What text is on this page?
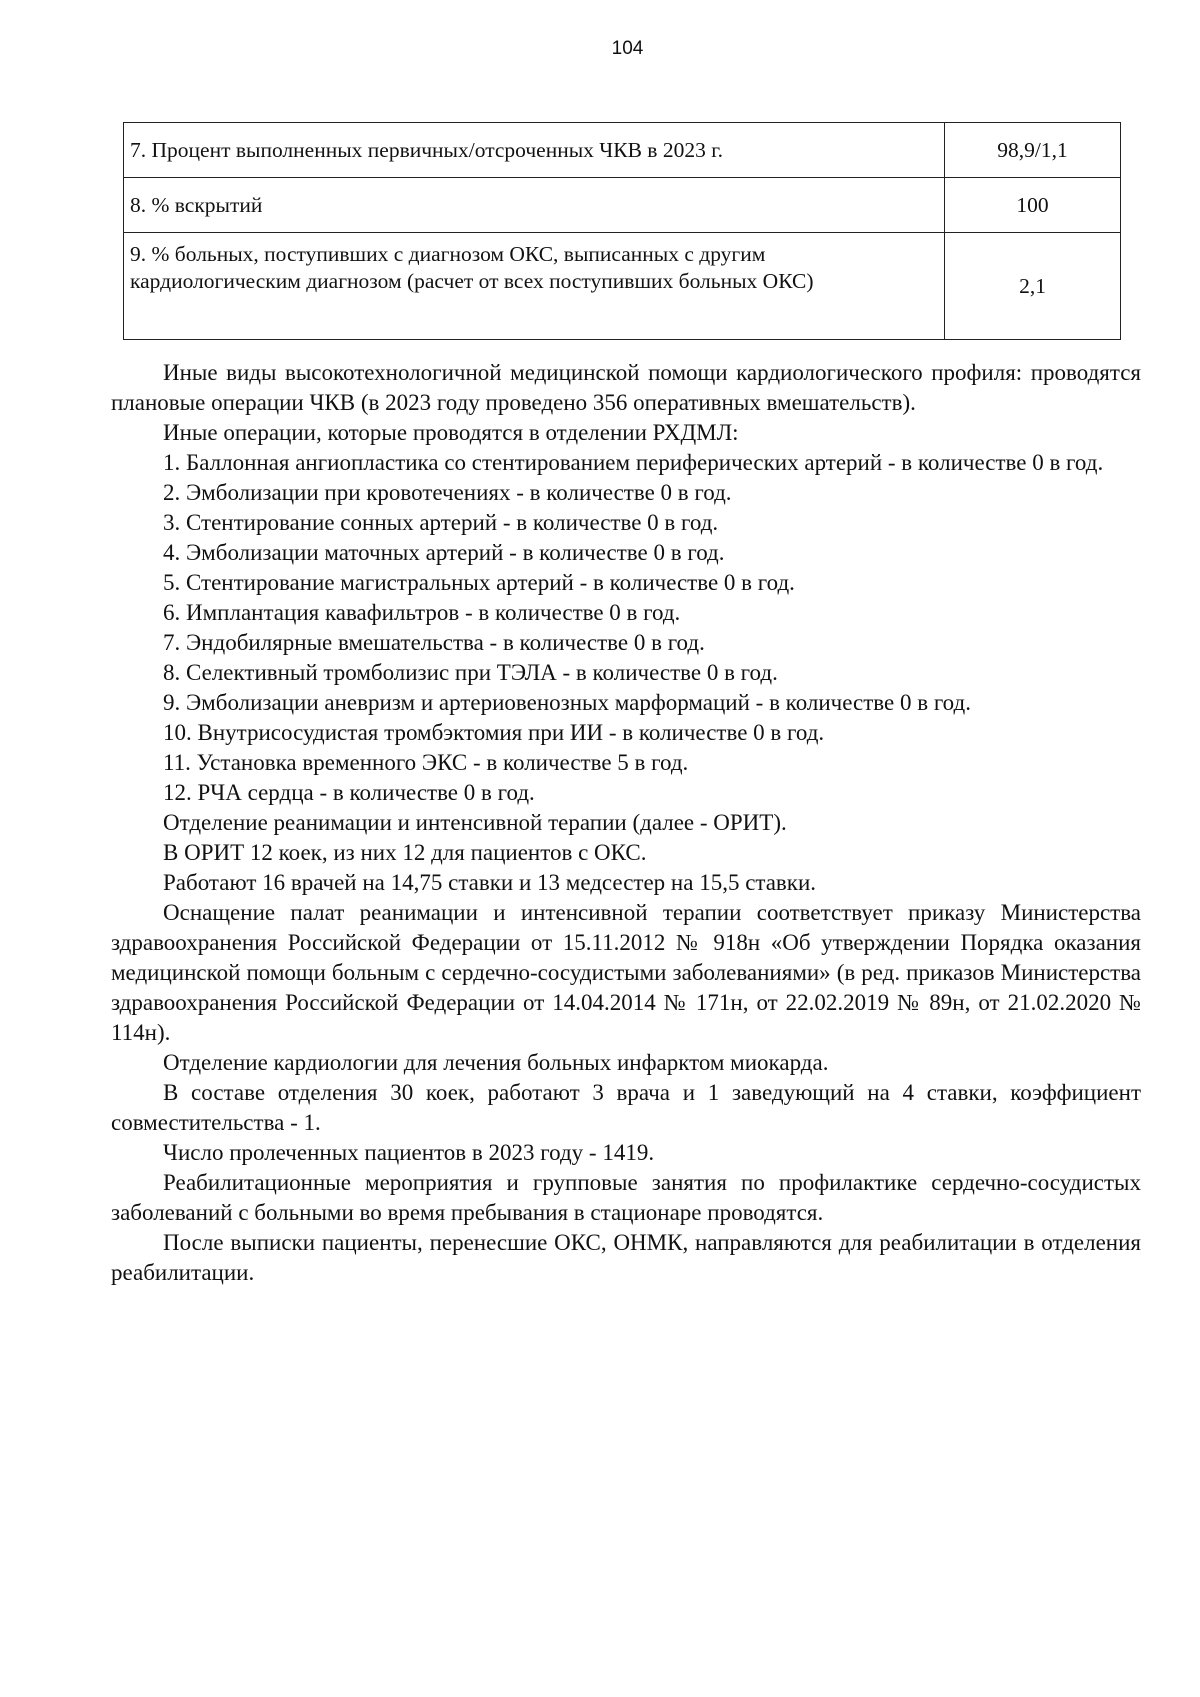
104
7. Процент выполненных первичных/отсроченных ЧКВ в 2023 г.	98,9/1,1
8. % вскрытий	100
9. % больных, поступивших с диагнозом ОКС, выписанных с другим кардиологическим диагнозом (расчет от всех поступивших больных ОКС)	2,1

Иные виды высокотехнологичной медицинской помощи кардиологического профиля: проводятся плановые операции ЧКВ (в 2023 году проведено 356 оперативных вмешательств).

Иные операции, которые проводятся в отделении РХДМЛ:

1. Баллонная ангиопластика со стентированием периферических артерий - в количестве 0 в год.

2. Эмболизации при кровотечениях - в количестве 0 в год.

3. Стентирование сонных артерий - в количестве 0 в год.

4. Эмболизации маточных артерий - в количестве 0 в год.

5. Стентирование магистральных артерий - в количестве 0 в год.

6. Имплантация кавафильтров - в количестве 0 в год.

7. Эндобилярные вмешательства - в количестве 0 в год.

8. Селективный тромболизис при ТЭЛА - в количестве 0 в год.

9. Эмболизации аневризм и артериовенозных марформаций - в количестве 0 в год.

10. Внутрисосудистая тромбэктомия при ИИ - в количестве 0 в год.

11. Установка временного ЭКС - в количестве 5 в год.

12. РЧА сердца - в количестве 0 в год.

Отделение реанимации и интенсивной терапии (далее - ОРИТ).

В ОРИТ 12 коек, из них 12 для пациентов с ОКС.

Работают 16 врачей на 14,75 ставки и 13 медсестер на 15,5 ставки.

Оснащение палат реанимации и интенсивной терапии соответствует приказу Министерства здравоохранения Российской Федерации от 15.11.2012 № 918н «Об утверждении Порядка оказания медицинской помощи больным с сердечно-сосудистыми заболеваниями» (в ред. приказов Министерства здравоохранения Российской Федерации от 14.04.2014 № 171н, от 22.02.2019 № 89н, от 21.02.2020 № 114н).

Отделение кардиологии для лечения больных инфарктом миокарда.

В составе отделения 30 коек, работают 3 врача и 1 заведующий на 4 ставки, коэффициент совместительства - 1.

Число пролеченных пациентов в 2023 году - 1419.

Реабилитационные мероприятия и групповые занятия по профилактике сердечно-сосудистых заболеваний с больными во время пребывания в стационаре проводятся.

После выписки пациенты, перенесшие ОКС, ОНМК, направляются для реабилитации в отделения реабилитации.
